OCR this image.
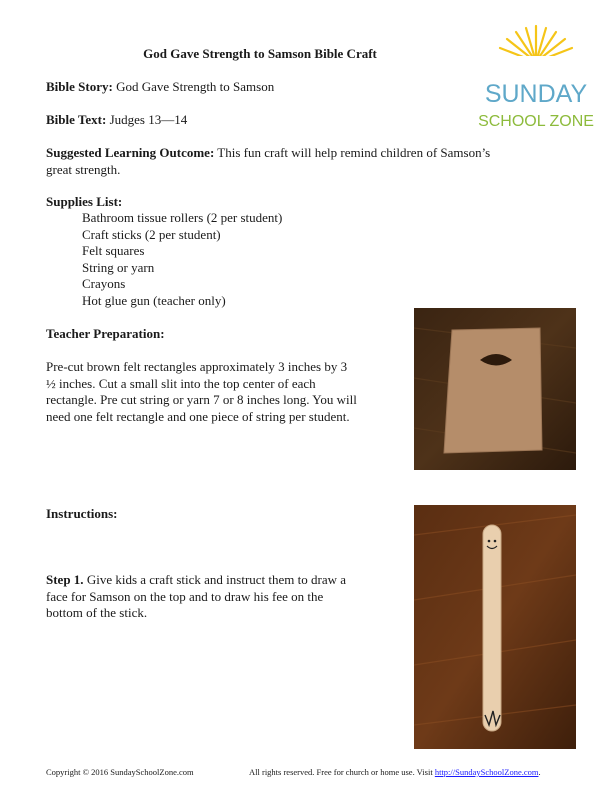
God Gave Strength to Samson Bible Craft
SUNDAY
SCHOOL ZONE
Bible Story: God Gave Strength to Samson
Bible Text: Judges 13—14
Suggested Learning Outcome: This fun craft will help remind children of Samson’s
great strength.
Supplies List:
Bathroom tissue rollers (2 per student)
Craft sticks (2 per student)
Felt squares
String or yarn
Crayons
Hot glue gun (teacher only)
Teacher Preparation:
Pre-cut brown felt rectangles approximately 3 inches by 3
½ inches. Cut a small slit into the top center of each
rectangle. Pre cut string or yarn 7 or 8 inches long. You will
need one felt rectangle and one piece of string per student.
Instructions:
Step 1. Give kids a craft stick and instruct them to draw a
face for Samson on the top and to draw his fee on the
bottom of the stick.
Copyright © 2016 SundaySchoolZone.com	All rights reserved. Free for church or home use. Visit http://SundaySchoolZone.com.
